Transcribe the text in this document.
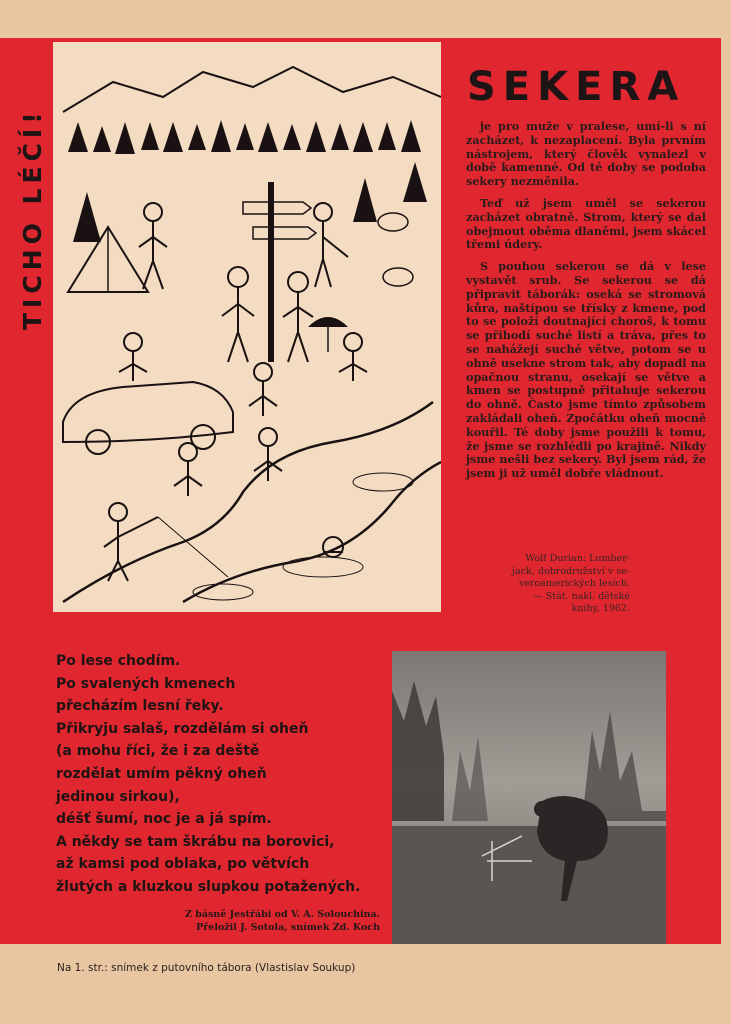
TICHO LÉČÍ!
SEKERA

je pro muže v pralese, umí-li s ní zacházet, k nezaplacení. Byla prvním nástrojem, který člověk vynalezl v době kamenné. Od té doby se podoba sekery nezměnila.

Teď už jsem uměl se sekerou zacházet obratně. Strom, který se dal obejmout oběma dlaněmi, jsem skácel třemi údery.

S pouhou sekerou se dá v lese vystavět srub. Se sekerou se dá připravit táborák: oseká se stromová kůra, naštípou se třísky z kmene, pod to se položí doutnající choroš, k tomu se přihodí suché listí a tráva, přes to se nahážejí suché větve, potom se u ohně usekne strom tak, aby dopadl na opačnou stranu, osekají se větve a kmen se postupně přitahuje sekerou do ohně. Často jsme tímto způsobem zakládali oheň. Zpočátku oheň mocně kouřil. Té doby jsme použili k tomu, že jsme se rozhlédli po krajině. Nikdy jsme nešli bez sekery. Byl jsem rád, že jsem ji už uměl dobře vládnout.

Wolf Durian: Lumber-
jack, dobrodružství v se-
veroamerických lesích.
— Stát. nakl. dětské
knihy, 1962.
Po lese chodím.
Po svalených kmenech
přecházím lesní řeky.
Přikryju salaš, rozdělám si oheň
(a mohu říci, že i za deště
rozdělat umím pěkný oheň
jedinou sirkou),
déšť šumí, noc je a já spím.
A někdy se tam škrábu na borovici,
až kamsi pod oblaka, po větvích
žlutých a kluzkou slupkou potažených.
Z básně Jestřábi od V. A. Solouchina.
Přeložil J. Sotola, snímek Zd. Koch
Na 1. str.: snímek z putovního tábora (Vlastislav Soukup)
